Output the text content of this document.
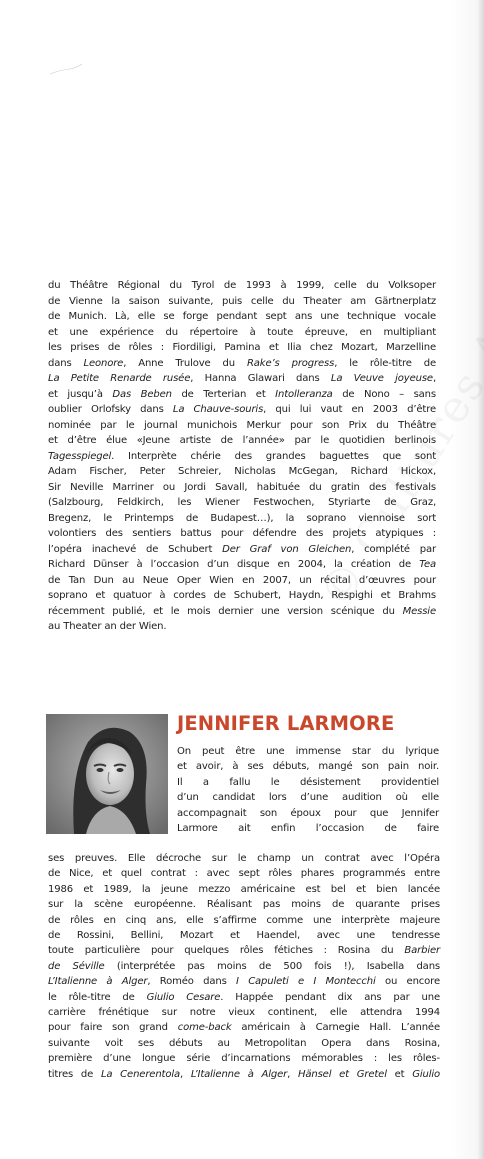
du Théâtre Régional du Tyrol de 1993 à 1999, celle du Volksoper
de Vienne la saison suivante, puis celle du Theater am Gärtnerplatz
de Munich. Là, elle se forge pendant sept ans une technique vocale
et une expérience du répertoire à toute épreuve, en multipliant
les prises de rôles : Fiordiligi, Pamina et Ilia chez Mozart, Marzelline
dans Leonore, Anne Trulove du Rake’s progress, le rôle-titre de
La Petite Renarde rusée, Hanna Glawari dans La Veuve joyeuse,
et jusqu’à Das Beben de Terterian et Intolleranza de Nono – sans
oublier Orlofsky dans La Chauve-souris, qui lui vaut en 2003 d’être
nominée par le journal munichois Merkur pour son Prix du Théâtre
et d’être élue «Jeune artiste de l’année» par le quotidien berlinois
Tagesspiegel. Interprète chérie des grandes baguettes que sont
Adam Fischer, Peter Schreier, Nicholas McGegan, Richard Hickox,
Sir Neville Marriner ou Jordi Savall, habituée du gratin des festivals
(Salzbourg, Feldkirch, les Wiener Festwochen, Styriarte de Graz,
Bregenz, le Printemps de Budapest…), la soprano viennoise sort
volontiers des sentiers battus pour défendre des projets atypiques :
l’opéra inachevé de Schubert Der Graf von Gleichen, complété par
Richard Dünser à l’occasion d’un disque en 2004, la création de Tea
de Tan Dun au Neue Oper Wien en 2007, un récital d’œuvres pour
soprano et quatuor à cordes de Schubert, Haydn, Respighi et Brahms
récemment publié, et le mois dernier une version scénique du Messie
au Theater an der Wien.
JENNIFER LARMORE
On peut être une immense star du lyrique
et avoir, à ses débuts, mangé son pain noir.
Il a fallu le désistement providentiel
d’un candidat lors d’une audition où elle
accompagnait son époux pour que Jennifer
Larmore ait enfin l’occasion de faire
ses preuves. Elle décroche sur le champ un contrat avec l’Opéra
de Nice, et quel contrat : avec sept rôles phares programmés entre
1986 et 1989, la jeune mezzo américaine est bel et bien lancée
sur la scène européenne. Réalisant pas moins de quarante prises
de rôles en cinq ans, elle s’affirme comme une interprète majeure
de Rossini, Bellini, Mozart et Haendel, avec une tendresse
toute particulière pour quelques rôles fétiches : Rosina du Barbier
de Séville (interprétée pas moins de 500 fois !), Isabella dans
L’Italienne à Alger, Roméo dans I Capuleti e I Montecchi ou encore
le rôle-titre de Giulio Cesare. Happée pendant dix ans par une
carrière frénétique sur notre vieux continent, elle attendra 1994
pour faire son grand come-back américain à Carnegie Hall. L’année
suivante voit ses débuts au Metropolitan Opera dans Rosina,
première d’une longue série d’incarnations mémorables : les rôles-
titres de La Cenerentola, L’Italienne à Alger, Hänsel et Gretel et Giulio
